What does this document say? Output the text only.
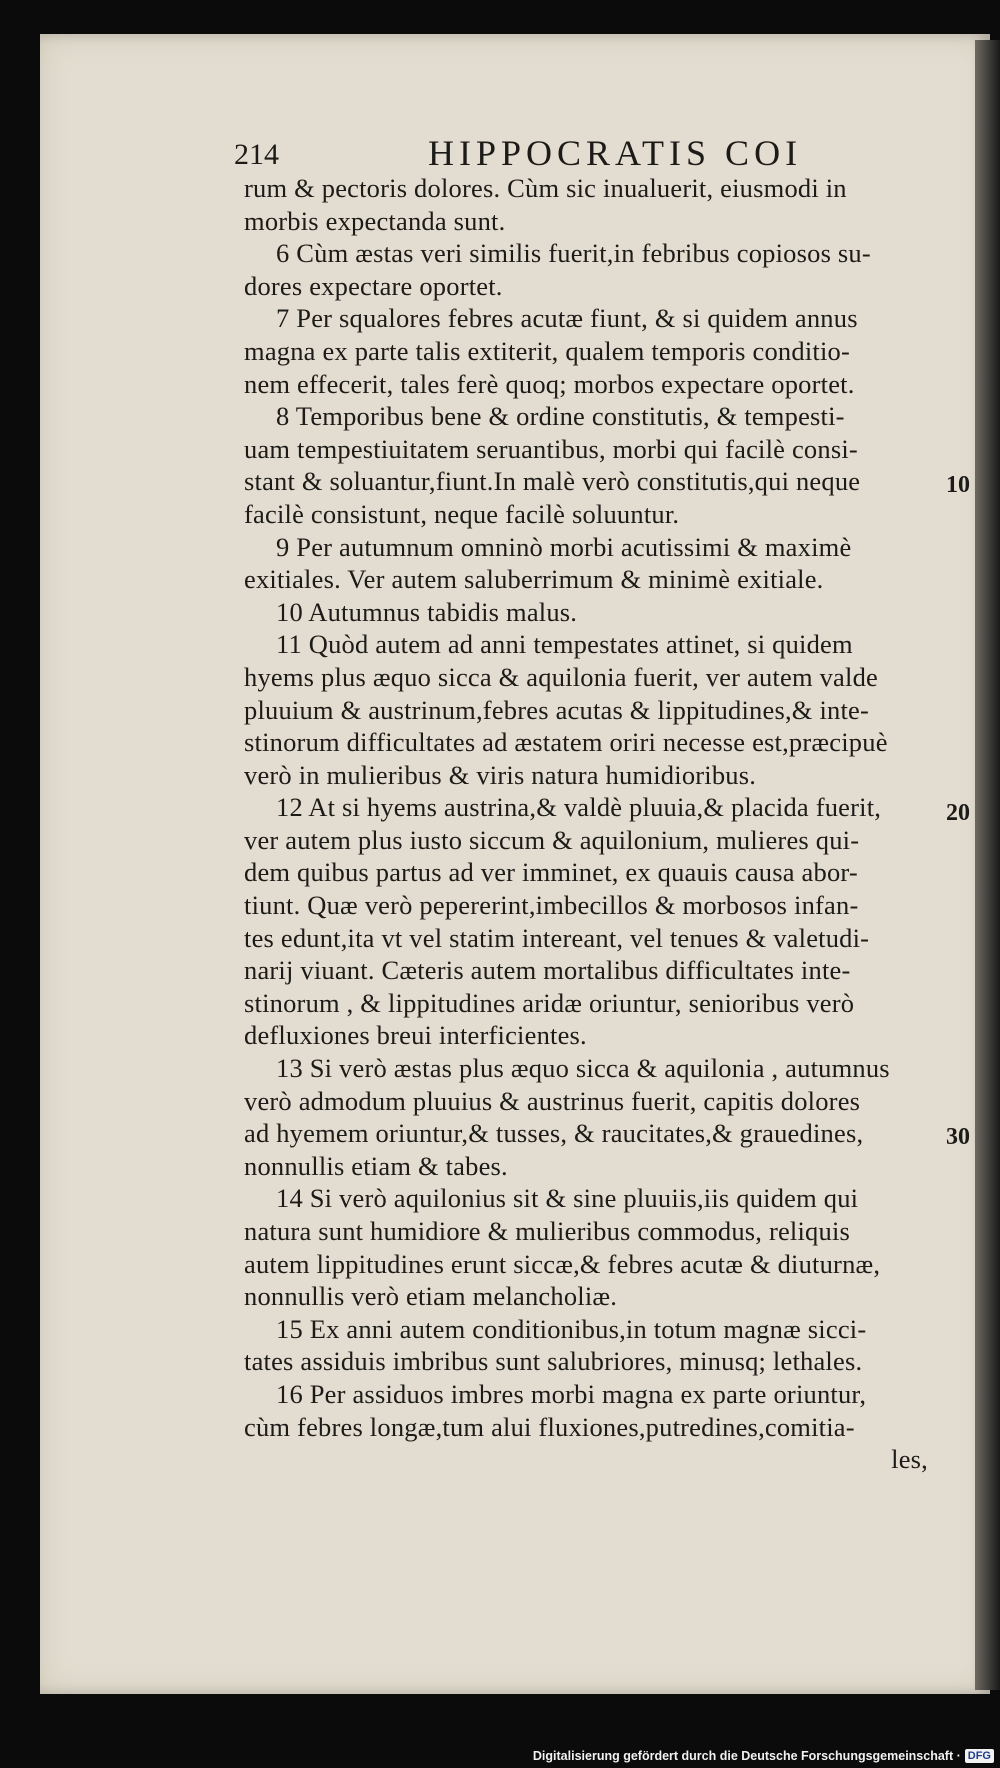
214	HIPPOCRATIS COI
rum & pectoris dolores. Cùm sic inualuerit, eiusmodi in
morbis expectanda sunt.
6 Cùm æstas veri similis fuerit,in febribus copiosos su-
dores expectare oportet.
7 Per squalores febres acutæ fiunt, & si quidem annus
magna ex parte talis extiterit, qualem temporis conditio-
nem effecerit, tales ferè quoq; morbos expectare oportet.
8 Temporibus bene & ordine constitutis, & tempesti-
uam tempestiuitatem seruantibus, morbi qui facilè consi-
stant & soluantur,fiunt.In malè verò constitutis,qui neque
facilè consistunt, neque facilè soluuntur.
9 Per autumnum omninò morbi acutissimi & maximè
exitiales. Ver autem saluberrimum & minimè exitiale.
10 Autumnus tabidis malus.
11 Quòd autem ad anni tempestates attinet, si quidem
hyems plus æquo sicca & aquilonia fuerit, ver autem valde
pluuium & austrinum,febres acutas & lippitudines,& inte-
stinorum difficultates ad æstatem oriri necesse est,præcipuè
verò in mulieribus & viris natura humidioribus.
12 At si hyems austrina,& valdè pluuia,& placida fuerit,
ver autem plus iusto siccum & aquilonium, mulieres qui-
dem quibus partus ad ver imminet, ex quauis causa abor-
tiunt. Quæ verò pepererint,imbecillos & morbosos infan-
tes edunt,ita vt vel statim intereant, vel tenues & valetudi-
narij viuant. Cæteris autem mortalibus difficultates inte-
stinorum , & lippitudines aridæ oriuntur, senioribus verò
defluxiones breui interficientes.
13 Si verò æstas plus æquo sicca & aquilonia , autumnus
verò admodum pluuius & austrinus fuerit, capitis dolores
ad hyemem oriuntur,& tusses, & raucitates,& grauedines,
nonnullis etiam & tabes.
14 Si verò aquilonius sit & sine pluuiis,iis quidem qui
natura sunt humidiore & mulieribus commodus, reliquis
autem lippitudines erunt siccæ,& febres acutæ & diuturnæ,
nonnullis verò etiam melancholiæ.
15 Ex anni autem conditionibus,in totum magnæ sicci-
tates assiduis imbribus sunt salubriores, minusq; lethales.
16 Per assiduos imbres morbi magna ex parte oriuntur,
cùm febres longæ,tum alui fluxiones,putredines,comitia-
les,
10
20
30
Digitalisierung gefördert durch die Deutsche Forschungsgemeinschaft · DFG
